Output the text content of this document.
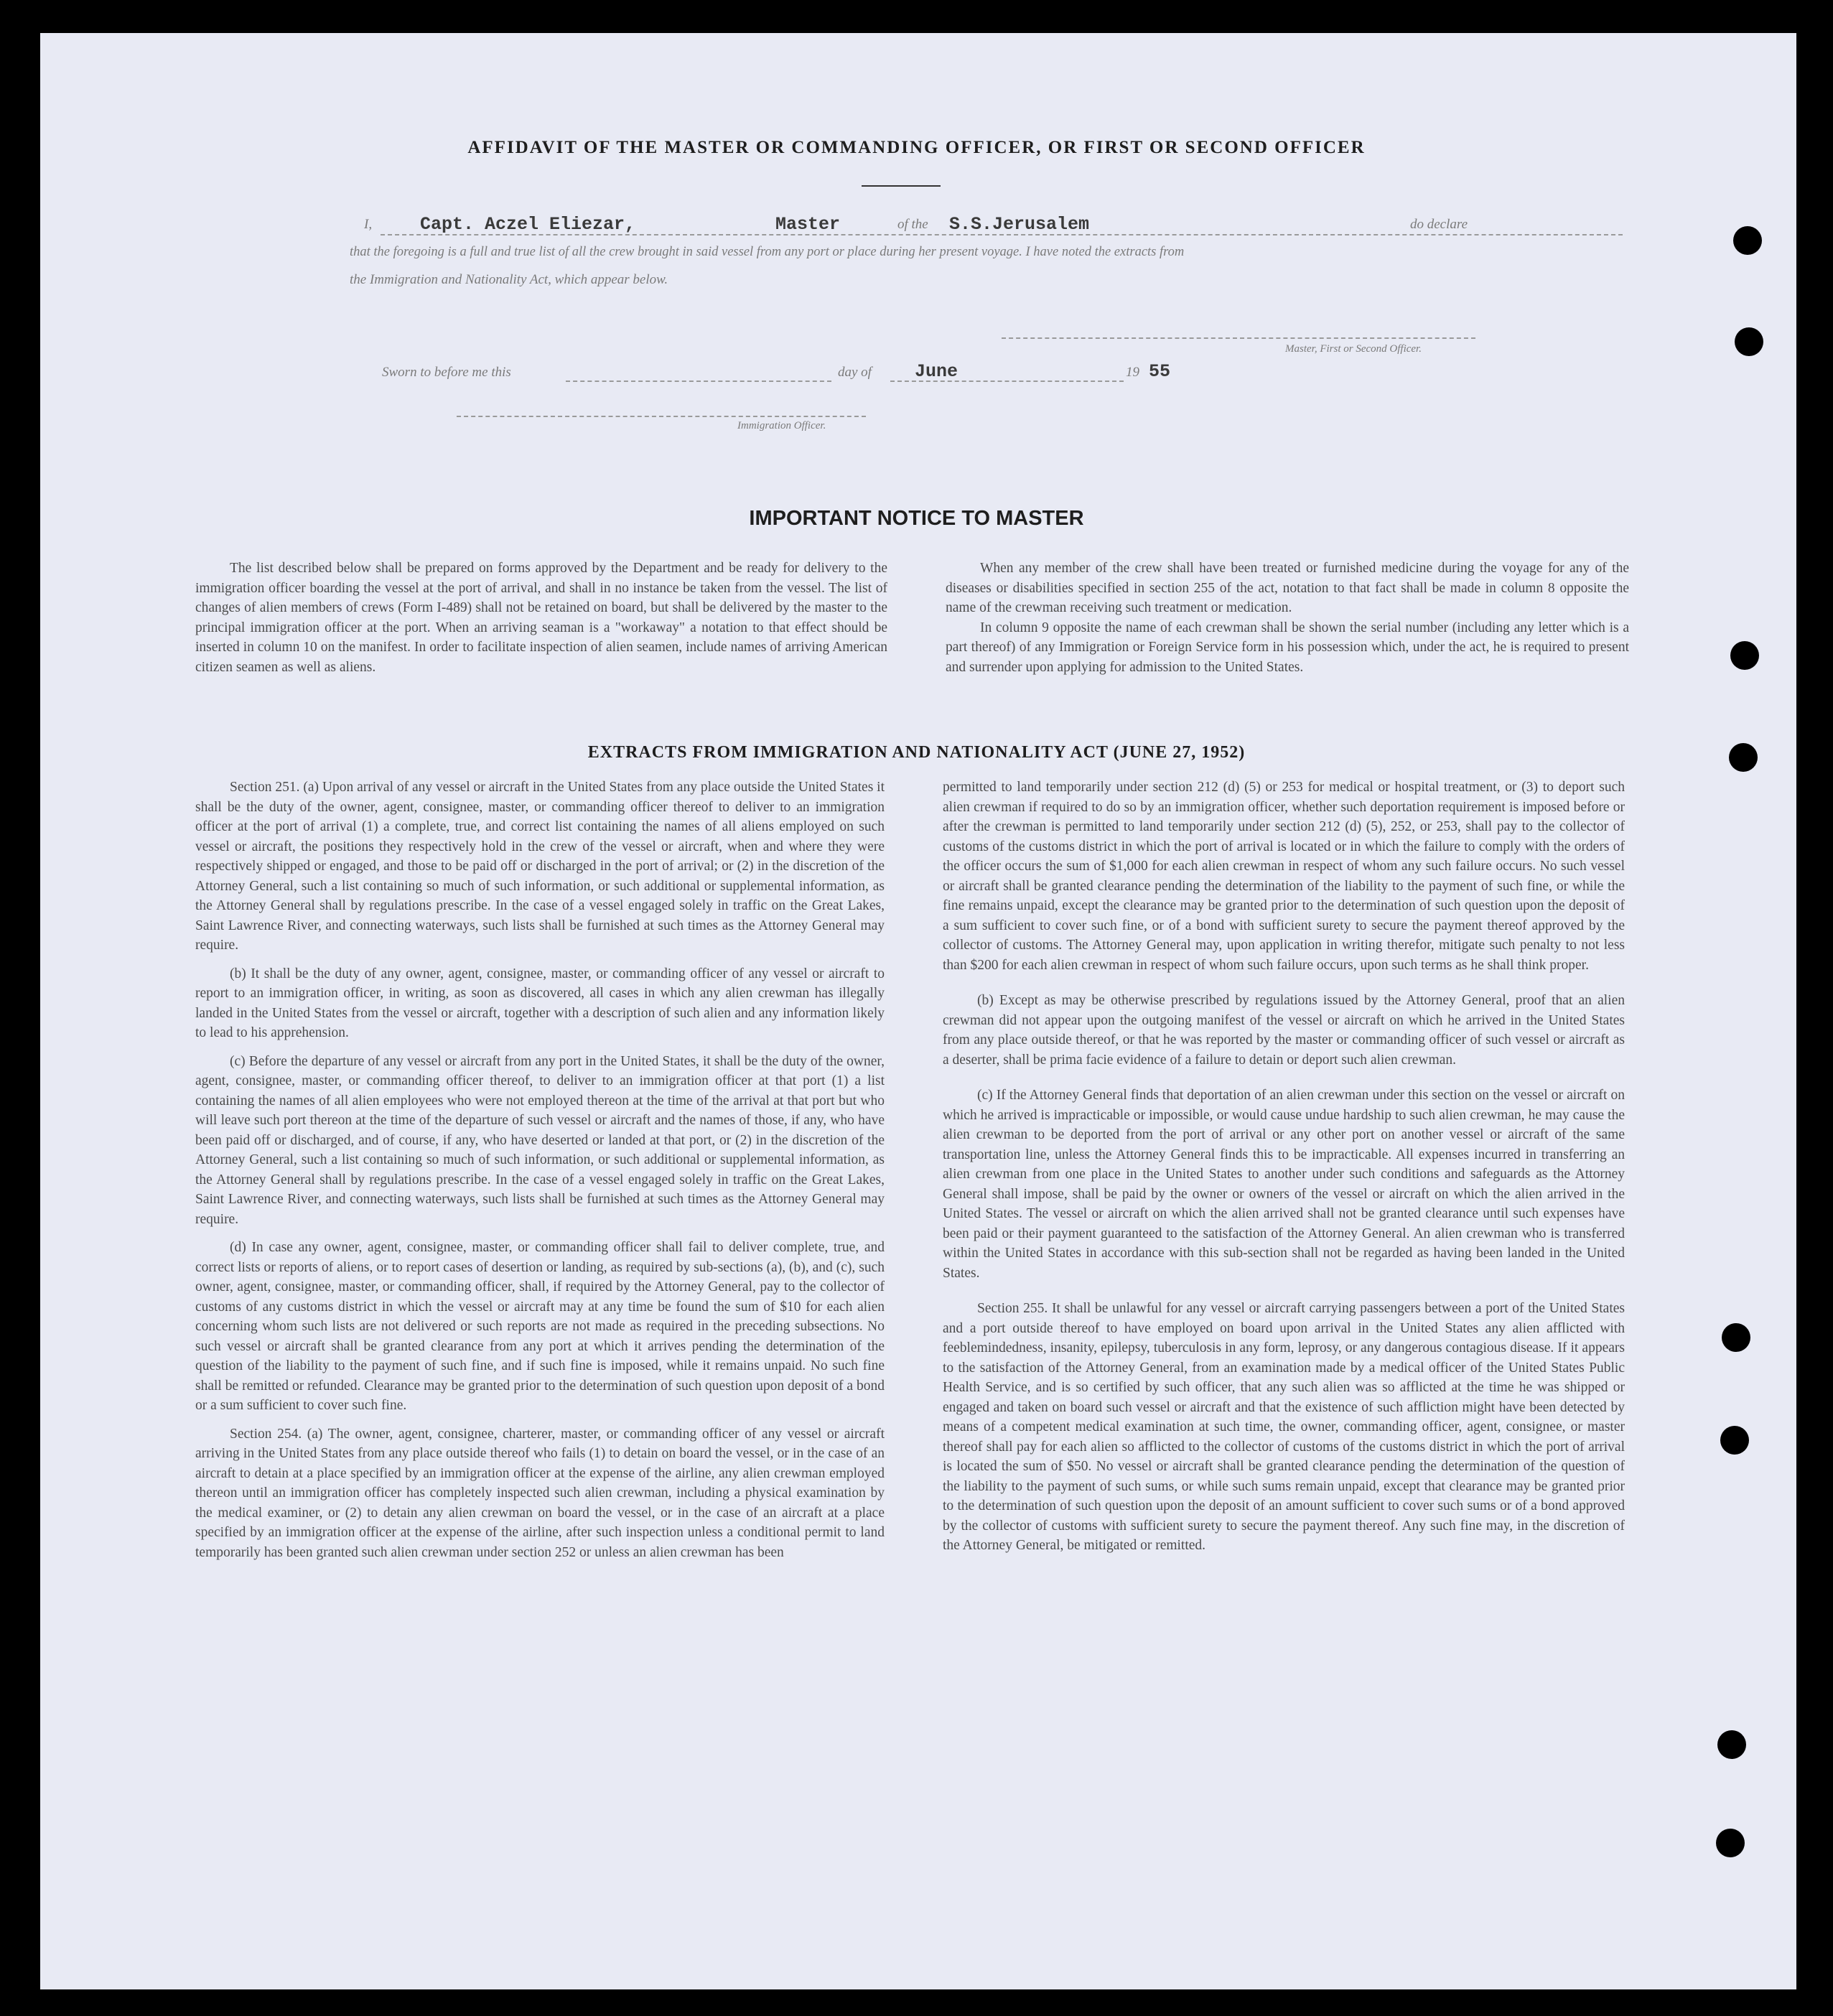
AFFIDAVIT OF THE MASTER OR COMMANDING OFFICER, OR FIRST OR SECOND OFFICER
I,	Capt. Aczel Eliezar,	Master	of the S.S.Jerusalem	do declare
that the foregoing is a full and true list of all the crew brought in said vessel from any port or place during her present voyage. I have noted the extracts from
the Immigration and Nationality Act, which appear below.
Master, First or Second Officer.
Sworn to before me this	day of June	19 55
Immigration Officer.
IMPORTANT NOTICE TO MASTER

The list described below shall be prepared on forms approved by the Department and be ready for delivery to the immigration officer boarding the vessel at the port of arrival, and shall in no instance be taken from the vessel. The list of changes of alien members of crews (Form I-489) shall not be retained on board, but shall be delivered by the master to the principal immigration officer at the port. When an arriving seaman is a "workaway" a notation to that effect should be inserted in column 10 on the manifest. In order to facilitate inspection of alien seamen, include names of arriving American citizen seamen as well as aliens.

When any member of the crew shall have been treated or furnished medicine during the voyage for any of the diseases or disabilities specified in section 255 of the act, notation to that fact shall be made in column 8 opposite the name of the crewman receiving such treatment or medication.

In column 9 opposite the name of each crewman shall be shown the serial number (including any letter which is a part thereof) of any Immigration or Foreign Service form in his possession which, under the act, he is required to present and surrender upon applying for admission to the United States.

EXTRACTS FROM IMMIGRATION AND NATIONALITY ACT (JUNE 27, 1952)

Section 251. (a) Upon arrival of any vessel or aircraft in the United States from any place outside the United States it shall be the duty of the owner, agent, consignee, master, or commanding officer thereof to deliver to an immigration officer at the port of arrival (1) a complete, true, and correct list containing the names of all aliens employed on such vessel or aircraft, the positions they respectively hold in the crew of the vessel or aircraft, when and where they were respectively shipped or engaged, and those to be paid off or discharged in the port of arrival; or (2) in the discretion of the Attorney General, such a list containing so much of such information, or such additional or supplemental information, as the Attorney General shall by regulations prescribe. In the case of a vessel engaged solely in traffic on the Great Lakes, Saint Lawrence River, and connecting waterways, such lists shall be furnished at such times as the Attorney General may require.

(b) It shall be the duty of any owner, agent, consignee, master, or commanding officer of any vessel or aircraft to report to an immigration officer, in writing, as soon as discovered, all cases in which any alien crewman has illegally landed in the United States from the vessel or aircraft, together with a description of such alien and any information likely to lead to his apprehension.

(c) Before the departure of any vessel or aircraft from any port in the United States, it shall be the duty of the owner, agent, consignee, master, or commanding officer thereof, to deliver to an immigration officer at that port (1) a list containing the names of all alien employees who were not employed thereon at the time of the arrival at that port but who will leave such port thereon at the time of the departure of such vessel or aircraft and the names of those, if any, who have been paid off or discharged, and of course, if any, who have deserted or landed at that port, or (2) in the discretion of the Attorney General, such a list containing so much of such information, or such additional or supplemental information, as the Attorney General shall by regulations prescribe. In the case of a vessel engaged solely in traffic on the Great Lakes, Saint Lawrence River, and connecting waterways, such lists shall be furnished at such times as the Attorney General may require.

(d) In case any owner, agent, consignee, master, or commanding officer shall fail to deliver complete, true, and correct lists or reports of aliens, or to report cases of desertion or landing, as required by sub-sections (a), (b), and (c), such owner, agent, consignee, master, or commanding officer, shall, if required by the Attorney General, pay to the collector of customs of any customs district in which the vessel or aircraft may at any time be found the sum of $10 for each alien concerning whom such lists are not delivered or such reports are not made as required in the preceding subsections. No such vessel or aircraft shall be granted clearance from any port at which it arrives pending the determination of the question of the liability to the payment of such fine, and if such fine is imposed, while it remains unpaid. No such fine shall be remitted or refunded. Clearance may be granted prior to the determination of such question upon deposit of a bond or a sum sufficient to cover such fine.

Section 254. (a) The owner, agent, consignee, charterer, master, or commanding officer of any vessel or aircraft arriving in the United States from any place outside thereof who fails (1) to detain on board the vessel, or in the case of an aircraft to detain at a place specified by an immigration officer at the expense of the airline, any alien crewman employed thereon until an immigration officer has completely inspected such alien crewman, including a physical examination by the medical examiner, or (2) to detain any alien crewman on board the vessel, or in the case of an aircraft at a place specified by an immigration officer at the expense of the airline, after such inspection unless a conditional permit to land temporarily has been granted such alien crewman under section 252 or unless an alien crewman has been

permitted to land temporarily under section 212 (d) (5) or 253 for medical or hospital treatment, or (3) to deport such alien crewman if required to do so by an immigration officer, whether such deportation requirement is imposed before or after the crewman is permitted to land temporarily under section 212 (d) (5), 252, or 253, shall pay to the collector of customs of the customs district in which the port of arrival is located or in which the failure to comply with the orders of the officer occurs the sum of $1,000 for each alien crewman in respect of whom any such failure occurs. No such vessel or aircraft shall be granted clearance pending the determination of the liability to the payment of such fine, or while the fine remains unpaid, except the clearance may be granted prior to the determination of such question upon the deposit of a sum sufficient to cover such fine, or of a bond with sufficient surety to secure the payment thereof approved by the collector of customs. The Attorney General may, upon application in writing therefor, mitigate such penalty to not less than $200 for each alien crewman in respect of whom such failure occurs, upon such terms as he shall think proper.

(b) Except as may be otherwise prescribed by regulations issued by the Attorney General, proof that an alien crewman did not appear upon the outgoing manifest of the vessel or aircraft on which he arrived in the United States from any place outside thereof, or that he was reported by the master or commanding officer of such vessel or aircraft as a deserter, shall be prima facie evidence of a failure to detain or deport such alien crewman.

(c) If the Attorney General finds that deportation of an alien crewman under this section on the vessel or aircraft on which he arrived is impracticable or impossible, or would cause undue hardship to such alien crewman, he may cause the alien crewman to be deported from the port of arrival or any other port on another vessel or aircraft of the same transportation line, unless the Attorney General finds this to be impracticable. All expenses incurred in transferring an alien crewman from one place in the United States to another under such conditions and safeguards as the Attorney General shall impose, shall be paid by the owner or owners of the vessel or aircraft on which the alien arrived in the United States. The vessel or aircraft on which the alien arrived shall not be granted clearance until such expenses have been paid or their payment guaranteed to the satisfaction of the Attorney General. An alien crewman who is transferred within the United States in accordance with this sub-section shall not be regarded as having been landed in the United States.

Section 255. It shall be unlawful for any vessel or aircraft carrying passengers between a port of the United States and a port outside thereof to have employed on board upon arrival in the United States any alien afflicted with feeblemindedness, insanity, epilepsy, tuberculosis in any form, leprosy, or any dangerous contagious disease. If it appears to the satisfaction of the Attorney General, from an examination made by a medical officer of the United States Public Health Service, and is so certified by such officer, that any such alien was so afflicted at the time he was shipped or engaged and taken on board such vessel or aircraft and that the existence of such affliction might have been detected by means of a competent medical examination at such time, the owner, commanding officer, agent, consignee, or master thereof shall pay for each alien so afflicted to the collector of customs of the customs district in which the port of arrival is located the sum of $50. No vessel or aircraft shall be granted clearance pending the determination of the question of the liability to the payment of such sums, or while such sums remain unpaid, except that clearance may be granted prior to the determination of such question upon the deposit of an amount sufficient to cover such sums or of a bond approved by the collector of customs with sufficient surety to secure the payment thereof. Any such fine may, in the discretion of the Attorney General, be mitigated or remitted.
